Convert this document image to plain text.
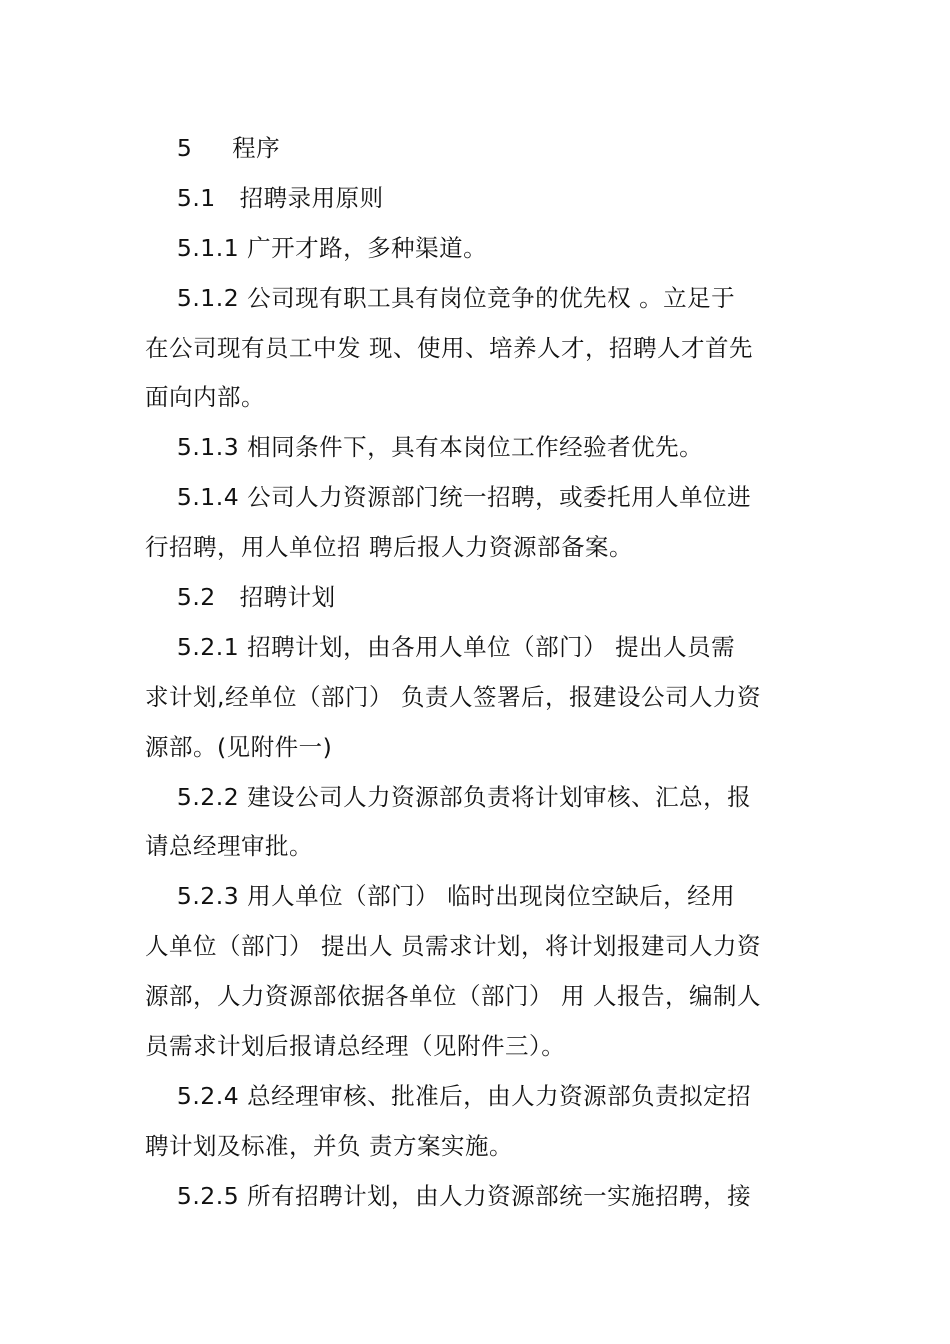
5     程序
5.1   招聘录用原则
5.1.1 广开才路，多种渠道。
5.1.2 公司现有职工具有岗位竞争的优先权 。立足于
在公司现有员工中发 现、使用、培养人才，招聘人才首先
面向内部。
5.1.3 相同条件下，具有本岗位工作经验者优先。
5.1.4 公司人力资源部门统一招聘，或委托用人单位进
行招聘，用人单位招 聘后报人力资源部备案。
5.2   招聘计划
5.2.1 招聘计划，由各用人单位（部门） 提出人员需
求计划,经单位（部门） 负责人签署后，报建设公司人力资
源部。(见附件一)
5.2.2 建设公司人力资源部负责将计划审核、汇总，报
请总经理审批。
5.2.3 用人单位（部门） 临时出现岗位空缺后，经用
人单位（部门） 提出人 员需求计划，将计划报建司人力资
源部，人力资源部依据各单位（部门） 用 人报告，编制人
员需求计划后报请总经理（见附件三）。
5.2.4 总经理审核、批准后，由人力资源部负责拟定招
聘计划及标准，并负 责方案实施。
5.2.5 所有招聘计划，由人力资源部统一实施招聘，接
